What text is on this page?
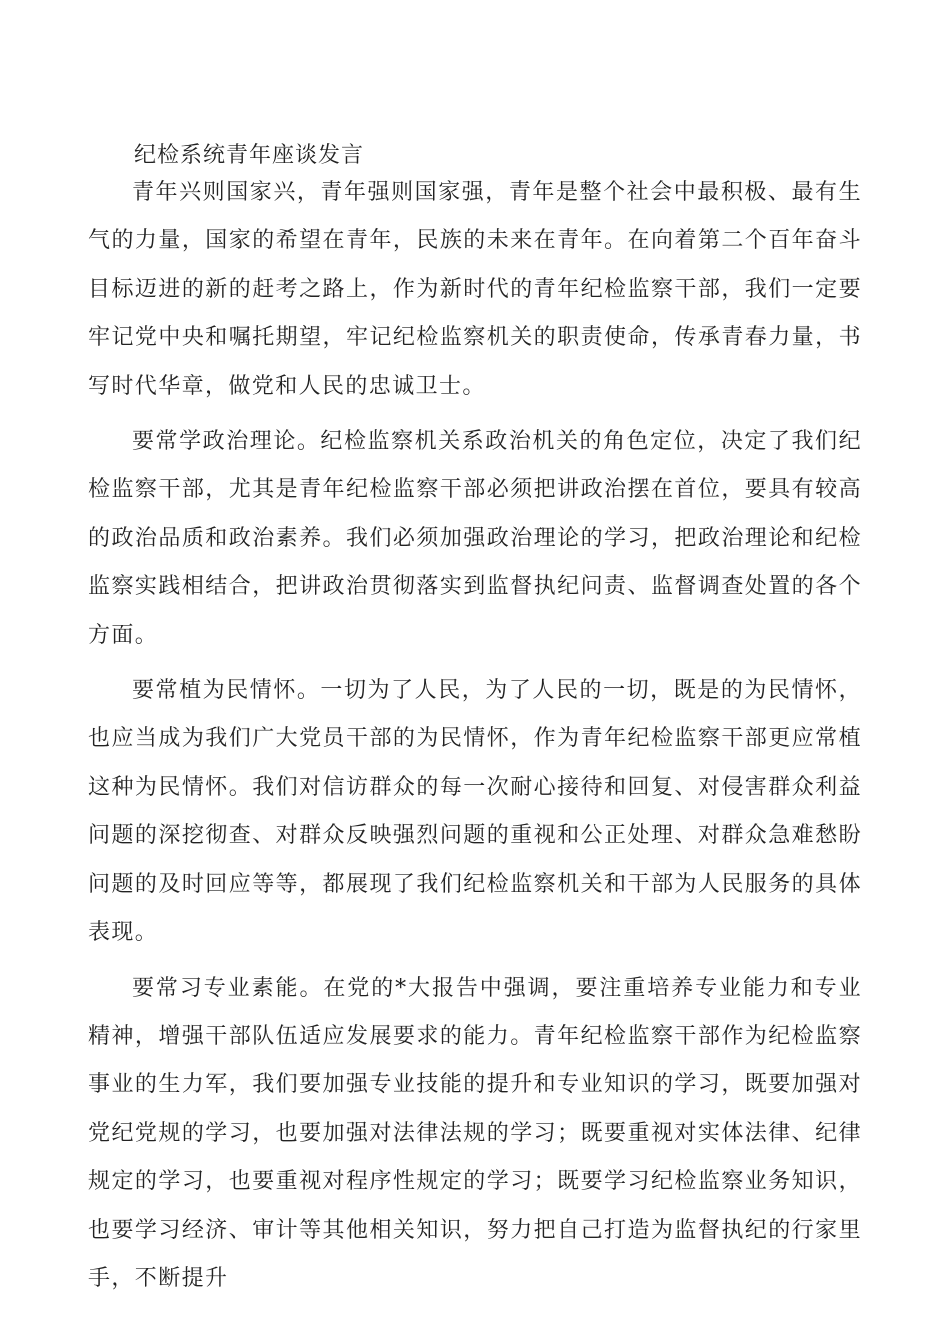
纪检系统青年座谈发言

青年兴则国家兴，青年强则国家强，青年是整个社会中最积极、最有生气的力量，国家的希望在青年，民族的未来在青年。在向着第二个百年奋斗目标迈进的新的赶考之路上，作为新时代的青年纪检监察干部，我们一定要牢记党中央和嘱托期望，牢记纪检监察机关的职责使命，传承青春力量，书写时代华章，做党和人民的忠诚卫士。

要常学政治理论。纪检监察机关系政治机关的角色定位，决定了我们纪检监察干部，尤其是青年纪检监察干部必须把讲政治摆在首位，要具有较高的政治品质和政治素养。我们必须加强政治理论的学习，把政治理论和纪检监察实践相结合，把讲政治贯彻落实到监督执纪问责、监督调查处置的各个方面。

要常植为民情怀。一切为了人民，为了人民的一切，既是的为民情怀，也应当成为我们广大党员干部的为民情怀，作为青年纪检监察干部更应常植这种为民情怀。我们对信访群众的每一次耐心接待和回复、对侵害群众利益问题的深挖彻查、对群众反映强烈问题的重视和公正处理、对群众急难愁盼问题的及时回应等等，都展现了我们纪检监察机关和干部为人民服务的具体表现。

要常习专业素能。在党的*大报告中强调，要注重培养专业能力和专业精神，增强干部队伍适应发展要求的能力。青年纪检监察干部作为纪检监察事业的生力军，我们要加强专业技能的提升和专业知识的学习，既要加强对党纪党规的学习，也要加强对法律法规的学习；既要重视对实体法律、纪律规定的学习，也要重视对程序性规定的学习；既要学习纪检监察业务知识，也要学习经济、审计等其他相关知识，努力把自己打造为监督执纪的行家里手，不断提升
